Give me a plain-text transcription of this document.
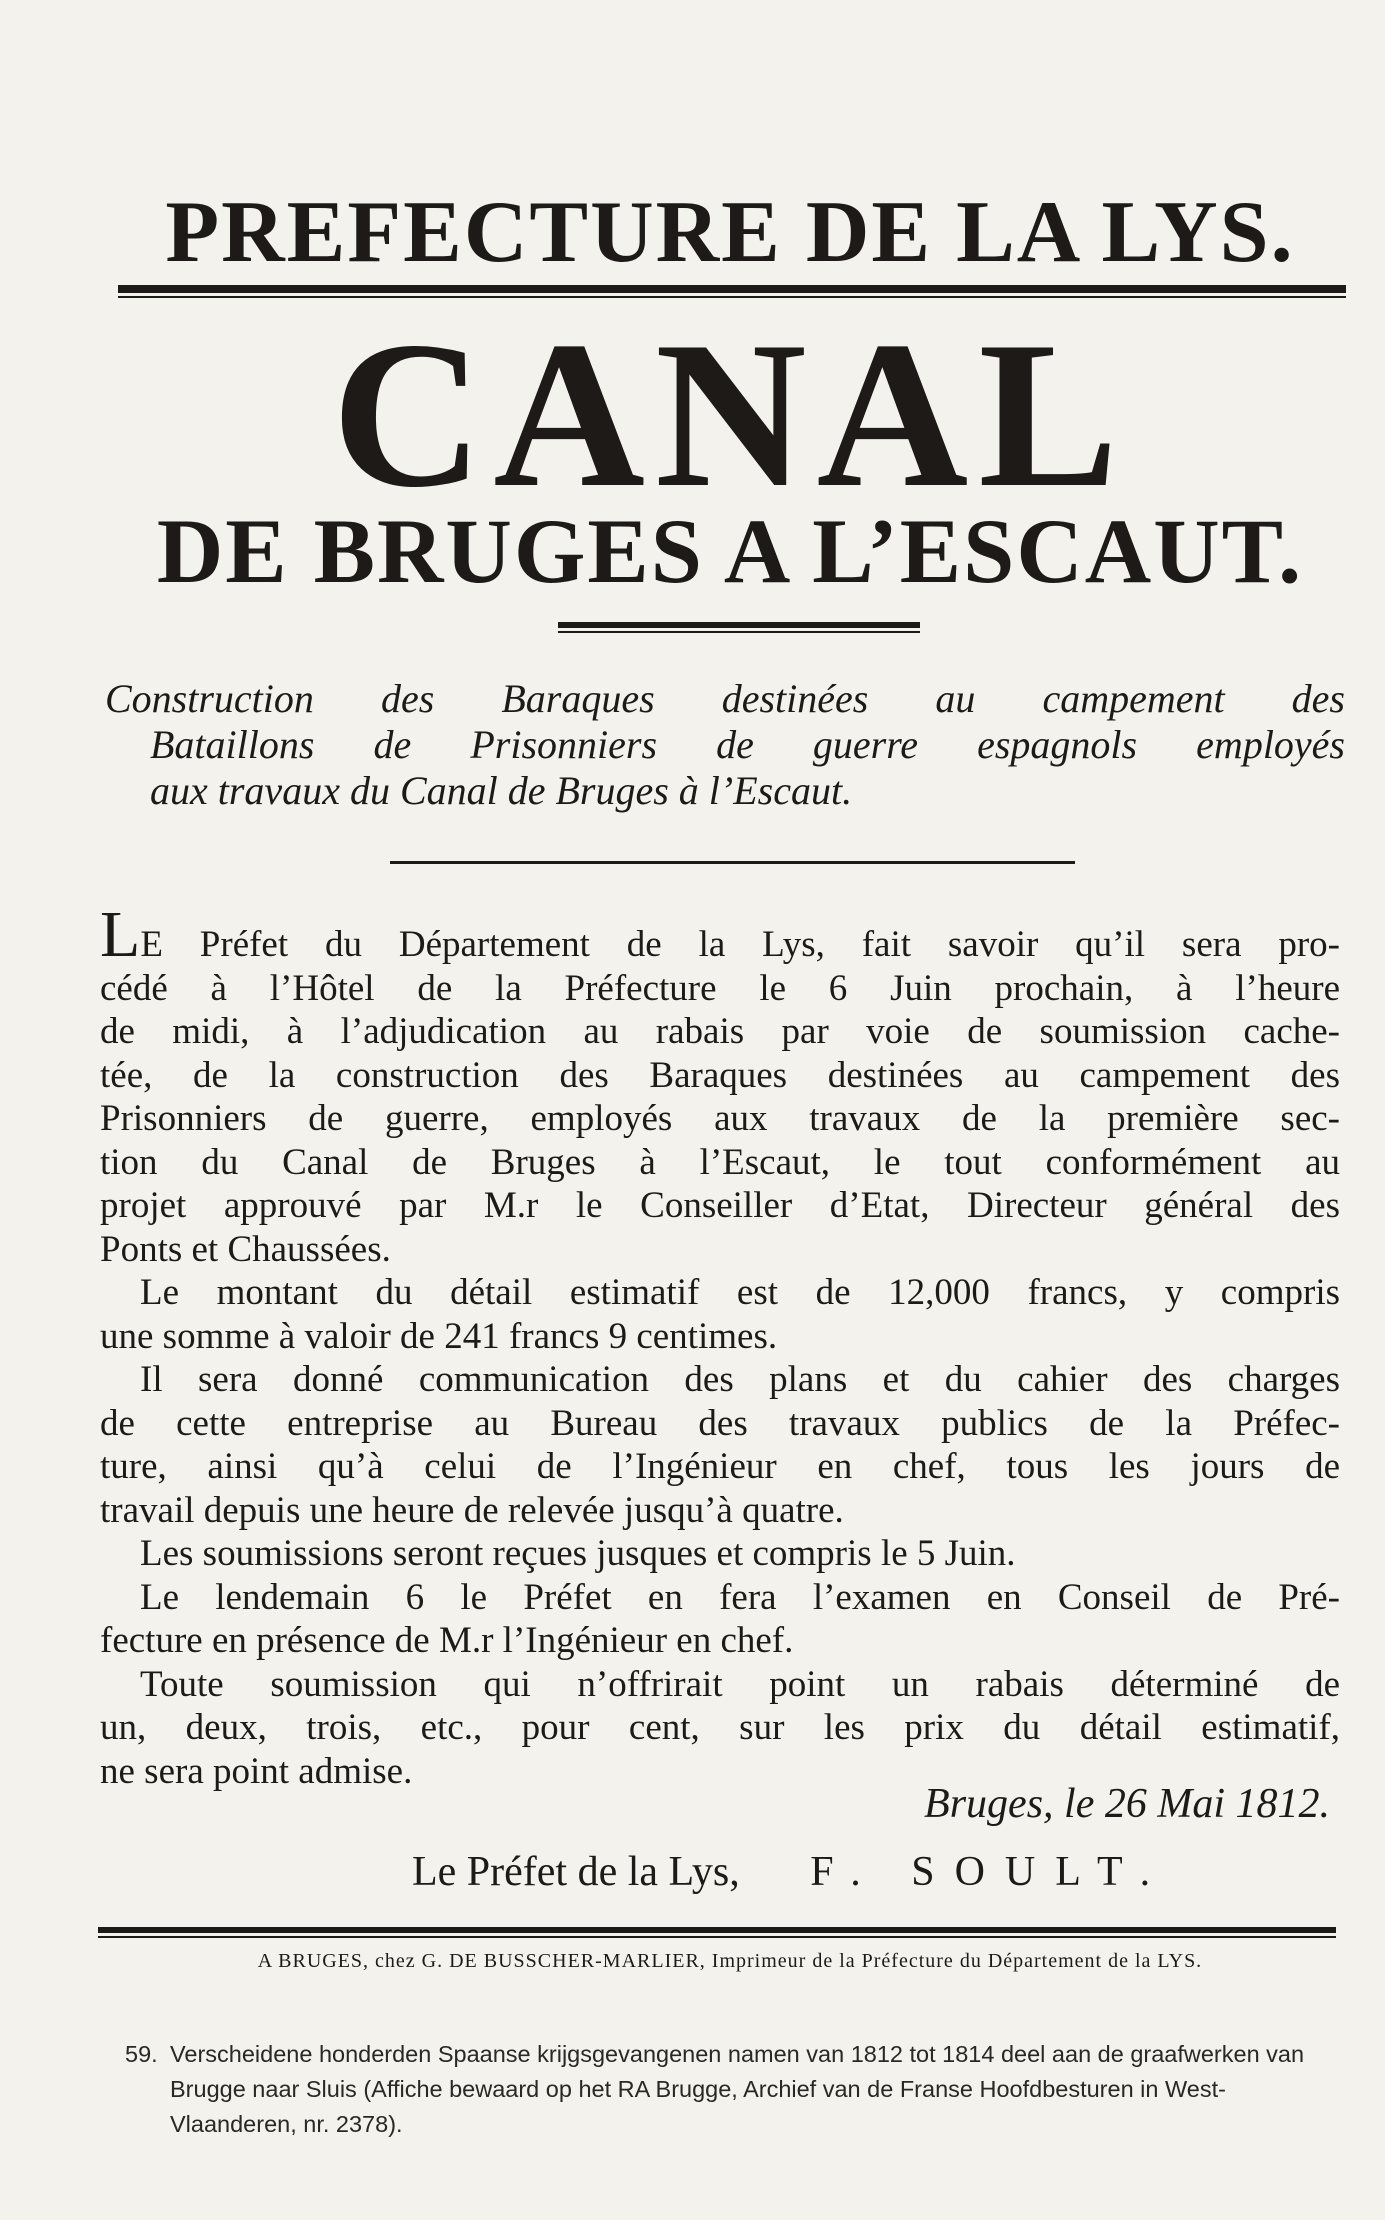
PREFECTURE DE LA LYS.
CANAL
DE BRUGES A L’ESCAUT.
Construction des Baraques destinées au campement des
Bataillons de Prisonniers de guerre espagnols employés
aux travaux du Canal de Bruges à l’Escaut.
LE Préfet du Département de la Lys, fait savoir qu’il sera pro-
cédé à l’Hôtel de la Préfecture le 6 Juin prochain, à l’heure
de midi, à l’adjudication au rabais par voie de soumission cache-
tée, de la construction des Baraques destinées au campement des
Prisonniers de guerre, employés aux travaux de la première sec-
tion du Canal de Bruges à l’Escaut, le tout conformément au
projet approuvé par M.r le Conseiller d’Etat, Directeur général des
Ponts et Chaussées.
Le montant du détail estimatif est de 12,000 francs, y compris
une somme à valoir de 241 francs 9 centimes.
Il sera donné communication des plans et du cahier des charges
de cette entreprise au Bureau des travaux publics de la Préfec-
ture, ainsi qu’à celui de l’Ingénieur en chef, tous les jours de
travail depuis une heure de relevée jusqu’à quatre.
Les soumissions seront reçues jusques et compris le 5 Juin.
Le lendemain 6 le Préfet en fera l’examen en Conseil de Pré-
fecture en présence de M.r l’Ingénieur en chef.
Toute soumission qui n’offrirait point un rabais déterminé de
un, deux, trois, etc., pour cent, sur les prix du détail estimatif,
ne sera point admise.
Bruges, le 26 Mai 1812.
Le Préfet de la Lys, F. SOULT.
A BRUGES, chez G. DE BUSSCHER-MARLIER, Imprimeur de la Préfecture du Département de la LYS.
59. Verscheidene honderden Spaanse krijgsgevangenen namen van 1812 tot 1814 deel aan de graafwerken van Brugge naar Sluis (Affiche bewaard op het RA Brugge, Archief van de Franse Hoofdbesturen in West-Vlaanderen, nr. 2378).
